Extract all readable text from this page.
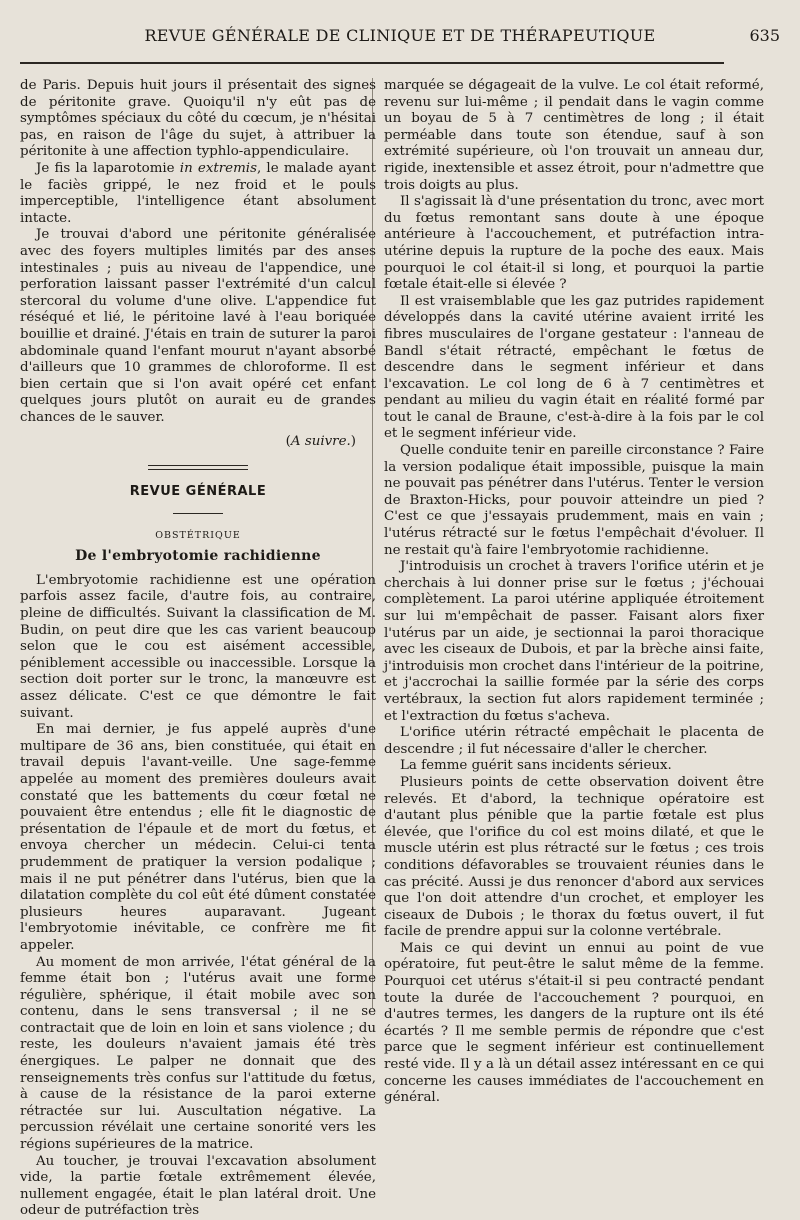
REVUE GÉNÉRALE DE CLINIQUE ET DE THÉRAPEUTIQUE	635

de Paris. Depuis huit jours il présentait des signes de péritonite grave. Quoiqu'il n'y eût pas de symptômes spéciaux du côté du cœcum, je n'hésitai pas, en raison de l'âge du sujet, à attribuer la péritonite à une affection typhlo-appendiculaire.

Je fis la laparotomie in extremis, le malade ayant le faciès grippé, le nez froid et le pouls imperceptible, l'intelligence étant absolument intacte.

Je trouvai d'abord une péritonite généralisée avec des foyers multiples limités par des anses intestinales ; puis au niveau de l'appendice, une perforation laissant passer l'extrémité d'un calcul stercoral du volume d'une olive. L'appendice fut réséqué et lié, le péritoine lavé à l'eau boriquée bouillie et drainé. J'étais en train de suturer la paroi abdominale quand l'enfant mourut n'ayant absorbé d'ailleurs que 10 grammes de chloroforme. Il est bien certain que si l'on avait opéré cet enfant quelques jours plutôt on aurait eu de grandes chances de le sauver.

(A suivre.)

REVUE GÉNÉRALE
OBSTÉTRIQUE
De l'embryotomie rachidienne

L'embryotomie rachidienne est une opération parfois assez facile, d'autre fois, au contraire, pleine de difficultés. Suivant la classification de M. Budin, on peut dire que les cas varient beaucoup selon que le cou est aisément accessible, péniblement accessible ou inaccessible. Lorsque la section doit porter sur le tronc, la manœuvre est assez délicate. C'est ce que démontre le fait suivant.

En mai dernier, je fus appelé auprès d'une multipare de 36 ans, bien constituée, qui était en travail depuis l'avant-veille. Une sage-femme appelée au moment des premières douleurs avait constaté que les battements du cœur fœtal ne pouvaient être entendus ; elle fit le diagnostic de présentation de l'épaule et de mort du fœtus, et envoya chercher un médecin. Celui-ci tenta prudemment de pratiquer la version podalique ; mais il ne put pénétrer dans l'utérus, bien que la dilatation complète du col eût été dûment constatée plusieurs heures auparavant. Jugeant l'embryotomie inévitable, ce confrère me fit appeler.

Au moment de mon arrivée, l'état général de la femme était bon ; l'utérus avait une forme régulière, sphérique, il était mobile avec son contenu, dans le sens transversal ; il ne se contractait que de loin en loin et sans violence ; du reste, les douleurs n'avaient jamais été très énergiques. Le palper ne donnait que des renseignements très confus sur l'attitude du fœtus, à cause de la résistance de la paroi externe rétractée sur lui. Auscultation négative. La percussion révélait une certaine sonorité vers les régions supérieures de la matrice.

Au toucher, je trouvai l'excavation absolument vide, la partie fœtale extrêmement élevée, nullement engagée, était le plan latéral droit. Une odeur de putréfaction très

marquée se dégageait de la vulve. Le col était reformé, revenu sur lui-même ; il pendait dans le vagin comme un boyau de 5 à 7 centimètres de long ; il était perméable dans toute son étendue, sauf à son extrémité supérieure, où l'on trouvait un anneau dur, rigide, inextensible et assez étroit, pour n'admettre que trois doigts au plus.

Il s'agissait là d'une présentation du tronc, avec mort du fœtus remontant sans doute à une époque antérieure à l'accouchement, et putréfaction intra-utérine depuis la rupture de la poche des eaux. Mais pourquoi le col était-il si long, et pourquoi la partie fœtale était-elle si élevée ?

Il est vraisemblable que les gaz putrides rapidement développés dans la cavité utérine avaient irrité les fibres musculaires de l'organe gestateur : l'anneau de Bandl s'était rétracté, empêchant le fœtus de descendre dans le segment inférieur et dans l'excavation. Le col long de 6 à 7 centimètres et pendant au milieu du vagin était en réalité formé par tout le canal de Braune, c'est-à-dire à la fois par le col et le segment inférieur vide.

Quelle conduite tenir en pareille circonstance ? Faire la version podalique était impossible, puisque la main ne pouvait pas pénétrer dans l'utérus. Tenter le version de Braxton-Hicks, pour pouvoir atteindre un pied ? C'est ce que j'essayais prudemment, mais en vain ; l'utérus rétracté sur le fœtus l'empêchait d'évoluer. Il ne restait qu'à faire l'embryotomie rachidienne.

J'introduisis un crochet à travers l'orifice utérin et je cherchais à lui donner prise sur le fœtus ; j'échouai complètement. La paroi utérine appliquée étroitement sur lui m'empêchait de passer. Faisant alors fixer l'utérus par un aide, je sectionnai la paroi thoracique avec les ciseaux de Dubois, et par la brèche ainsi faite, j'introduisis mon crochet dans l'intérieur de la poitrine, et j'accrochai la saillie formée par la série des corps vertébraux, la section fut alors rapidement terminée ; et l'extraction du fœtus s'acheva.

L'orifice utérin rétracté empêchait le placenta de descendre ; il fut nécessaire d'aller le chercher.

La femme guérit sans incidents sérieux.

Plusieurs points de cette observation doivent être relevés. Et d'abord, la technique opératoire est d'autant plus pénible que la partie fœtale est plus élevée, que l'orifice du col est moins dilaté, et que le muscle utérin est plus rétracté sur le fœtus ; ces trois conditions défavorables se trouvaient réunies dans le cas précité. Aussi je dus renoncer d'abord aux services que l'on doit attendre d'un crochet, et employer les ciseaux de Dubois ; le thorax du fœtus ouvert, il fut facile de prendre appui sur la colonne vertébrale.

Mais ce qui devint un ennui au point de vue opératoire, fut peut-être le salut même de la femme. Pourquoi cet utérus s'était-il si peu contracté pendant toute la durée de l'accouchement ? pourquoi, en d'autres termes, les dangers de la rupture ont ils été écartés ? Il me semble permis de répondre que c'est parce que le segment inférieur est continuellement resté vide. Il y a là un détail assez intéressant en ce qui concerne les causes immédiates de l'accouchement en général.
